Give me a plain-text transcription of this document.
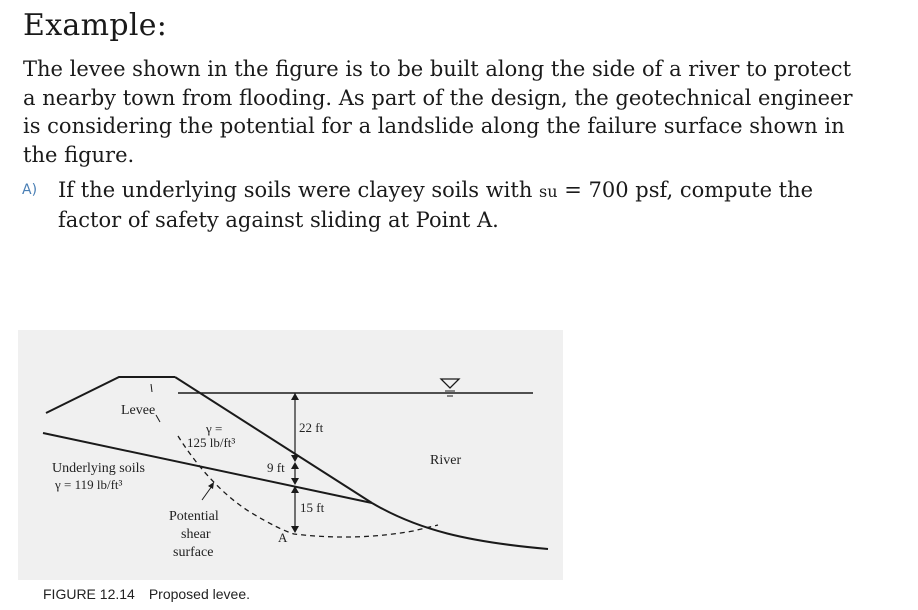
Example:
The levee shown in the figure is to be built along the side of a river to protect
a nearby town from flooding. As part of the design, the geotechnical engineer
is considering the potential for a landslide along the failure surface shown in
the figure.
A) If the underlying soils were clayey soils with su = 700 psf, compute the
factor of safety against sliding at Point A.
Levee
γ =
125 lb/ft³
Underlying soils
γ = 119 lb/ft³
Potential
shear
surface
22 ft
9 ft
15 ft
A
River
FIGURE 12.14 Proposed levee.
